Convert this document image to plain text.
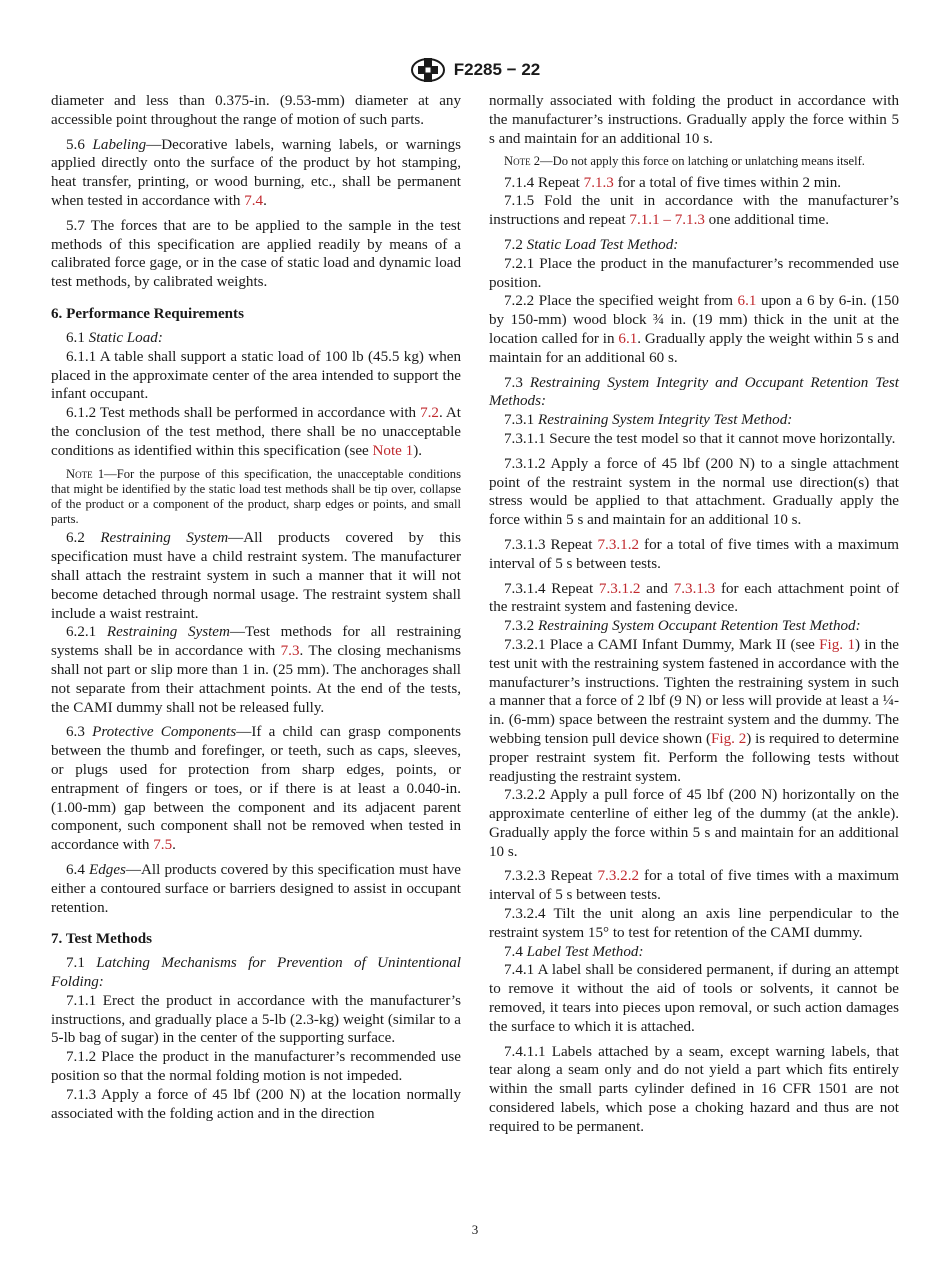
F2285 − 22

diameter and less than 0.375-in. (9.53-mm) diameter at any accessible point throughout the range of motion of such parts.

5.6 Labeling—Decorative labels, warning labels, or warnings applied directly onto the surface of the product by hot stamping, heat transfer, printing, or wood burning, etc., shall be permanent when tested in accordance with 7.4.

5.7 The forces that are to be applied to the sample in the test methods of this specification are applied readily by means of a calibrated force gage, or in the case of static load and dynamic load test methods, by calibrated weights.

6. Performance Requirements

6.1 Static Load:

6.1.1 A table shall support a static load of 100 lb (45.5 kg) when placed in the approximate center of the area intended to support the infant occupant.

6.1.2 Test methods shall be performed in accordance with 7.2. At the conclusion of the test method, there shall be no unacceptable conditions as identified within this specification (see Note 1).

Note 1—For the purpose of this specification, the unacceptable conditions that might be identified by the static load test methods shall be tip over, collapse of the product or a component of the product, sharp edges or points, and small parts.

6.2 Restraining System—All products covered by this specification must have a child restraint system. The manufacturer shall attach the restraint system in such a manner that it will not become detached through normal usage. The restraint system shall include a waist restraint.

6.2.1 Restraining System—Test methods for all restraining systems shall be in accordance with 7.3. The closing mechanisms shall not part or slip more than 1 in. (25 mm). The anchorages shall not separate from their attachment points. At the end of the tests, the CAMI dummy shall not be released fully.

6.3 Protective Components—If a child can grasp components between the thumb and forefinger, or teeth, such as caps, sleeves, or plugs used for protection from sharp edges, points, or entrapment of fingers or toes, or if there is at least a 0.040-in. (1.00-mm) gap between the component and its adjacent parent component, such component shall not be removed when tested in accordance with 7.5.

6.4 Edges—All products covered by this specification must have either a contoured surface or barriers designed to assist in occupant retention.

7. Test Methods

7.1 Latching Mechanisms for Prevention of Unintentional Folding:

7.1.1 Erect the product in accordance with the manufacturer’s instructions, and gradually place a 5-lb (2.3-kg) weight (similar to a 5-lb bag of sugar) in the center of the supporting surface.

7.1.2 Place the product in the manufacturer’s recommended use position so that the normal folding motion is not impeded.

7.1.3 Apply a force of 45 lbf (200 N) at the location normally associated with the folding action and in the direction

normally associated with folding the product in accordance with the manufacturer’s instructions. Gradually apply the force within 5 s and maintain for an additional 10 s.

Note 2—Do not apply this force on latching or unlatching means itself.

7.1.4 Repeat 7.1.3 for a total of five times within 2 min.

7.1.5 Fold the unit in accordance with the manufacturer’s instructions and repeat 7.1.1 – 7.1.3 one additional time.

7.2 Static Load Test Method:

7.2.1 Place the product in the manufacturer’s recommended use position.

7.2.2 Place the specified weight from 6.1 upon a 6 by 6-in. (150 by 150-mm) wood block ¾ in. (19 mm) thick in the unit at the location called for in 6.1. Gradually apply the weight within 5 s and maintain for an additional 60 s.

7.3 Restraining System Integrity and Occupant Retention Test Methods:

7.3.1 Restraining System Integrity Test Method:

7.3.1.1 Secure the test model so that it cannot move horizontally.

7.3.1.2 Apply a force of 45 lbf (200 N) to a single attachment point of the restraint system in the normal use direction(s) that stress would be applied to that attachment. Gradually apply the force within 5 s and maintain for an additional 10 s.

7.3.1.3 Repeat 7.3.1.2 for a total of five times with a maximum interval of 5 s between tests.

7.3.1.4 Repeat 7.3.1.2 and 7.3.1.3 for each attachment point of the restraint system and fastening device.

7.3.2 Restraining System Occupant Retention Test Method:

7.3.2.1 Place a CAMI Infant Dummy, Mark II (see Fig. 1) in the test unit with the restraining system fastened in accordance with the manufacturer’s instructions. Tighten the restraining system in such a manner that a force of 2 lbf (9 N) or less will provide at least a ¼-in. (6-mm) space between the restraint system and the dummy. The webbing tension pull device shown (Fig. 2) is required to determine proper restraint system fit. Perform the following tests without readjusting the restraint system.

7.3.2.2 Apply a pull force of 45 lbf (200 N) horizontally on the approximate centerline of either leg of the dummy (at the ankle). Gradually apply the force within 5 s and maintain for an additional 10 s.

7.3.2.3 Repeat 7.3.2.2 for a total of five times with a maximum interval of 5 s between tests.

7.3.2.4 Tilt the unit along an axis line perpendicular to the restraint system 15° to test for retention of the CAMI dummy.

7.4 Label Test Method:

7.4.1 A label shall be considered permanent, if during an attempt to remove it without the aid of tools or solvents, it cannot be removed, it tears into pieces upon removal, or such action damages the surface to which it is attached.

7.4.1.1 Labels attached by a seam, except warning labels, that tear along a seam only and do not yield a part which fits entirely within the small parts cylinder defined in 16 CFR 1501 are not considered labels, which pose a choking hazard and thus are not required to be permanent.

3
